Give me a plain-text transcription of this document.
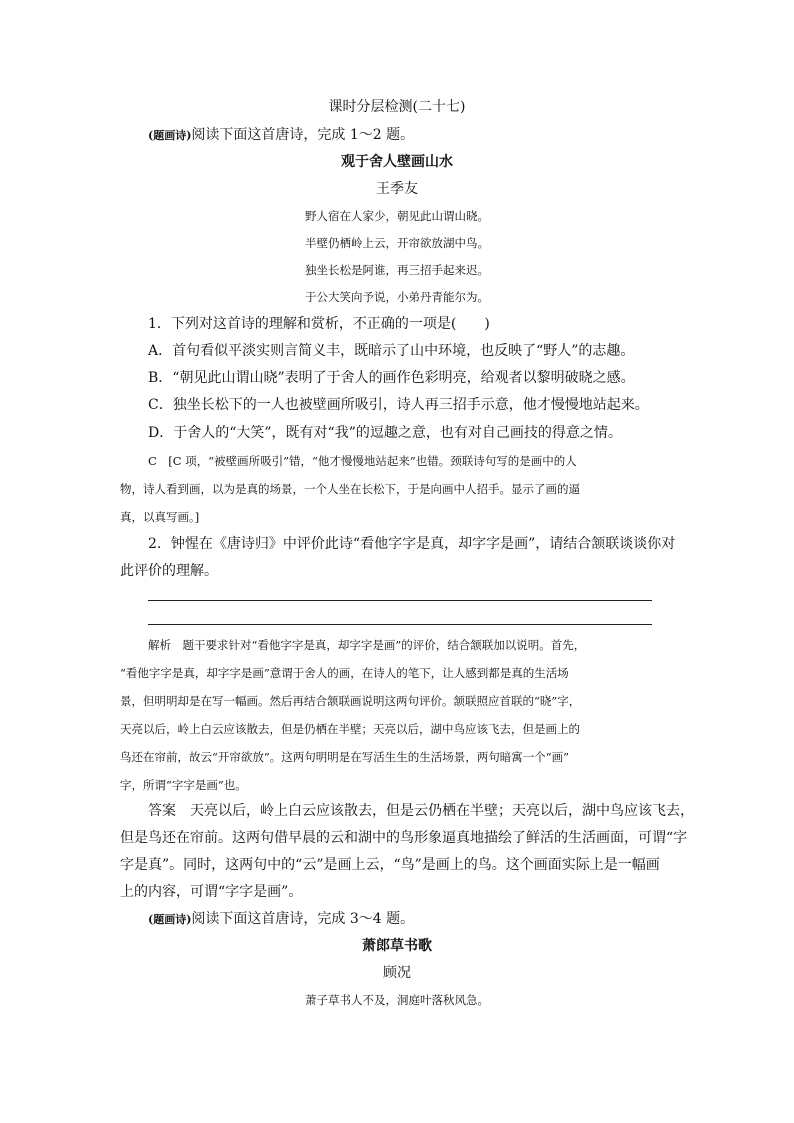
课时分层检测(二十七)
(题画诗)阅读下面这首唐诗，完成 1～2 题。
观于舍人壁画山水
王季友
野人宿在人家少，朝见此山谓山晓。
半壁仍栖岭上云，开帘欲放湖中鸟。
独坐长松是阿谁，再三招手起来迟。
于公大笑向予说，小弟丹青能尔为。
1．下列对这首诗的理解和赏析，不正确的一项是(　　)
A．首句看似平淡实则言简义丰，既暗示了山中环境，也反映了“野人”的志趣。
B．“朝见此山谓山晓”表明了于舍人的画作色彩明亮，给观者以黎明破晓之感。
C．独坐长松下的一人也被壁画所吸引，诗人再三招手示意，他才慢慢地站起来。
D．于舍人的“大笑”，既有对“我”的逗趣之意，也有对自己画技的得意之情。
C　[C 项，“被壁画所吸引”错，“他才慢慢地站起来”也错。颈联诗句写的是画中的人
物，诗人看到画，以为是真的场景，一个人坐在长松下，于是向画中人招手。显示了画的逼
真，以真写画。]
2．钟惺在《唐诗归》中评价此诗“看他字字是真，却字字是画”，请结合颔联谈谈你对
此评价的理解。
解析　题干要求针对“看他字字是真，却字字是画”的评价，结合颔联加以说明。首先，
“看他字字是真，却字字是画”意谓于舍人的画，在诗人的笔下，让人感到都是真的生活场
景，但明明却是在写一幅画。然后再结合颔联画说明这两句评价。颔联照应首联的“晓”字，
天亮以后，岭上白云应该散去，但是仍栖在半壁；天亮以后，湖中鸟应该飞去，但是画上的
鸟还在帘前，故云“开帘欲放”。这两句明明是在写活生生的生活场景，两句暗寓一个“画”
字，所谓“字字是画”也。
答案　天亮以后，岭上白云应该散去，但是云仍栖在半壁；天亮以后，湖中鸟应该飞去，
但是鸟还在帘前。这两句借早晨的云和湖中的鸟形象逼真地描绘了鲜活的生活画面，可谓“字
字是真”。同时，这两句中的“云”是画上云，“鸟”是画上的鸟。这个画面实际上是一幅画
上的内容，可谓“字字是画”。
(题画诗)阅读下面这首唐诗，完成 3～4 题。
萧郎草书歌
顾况
萧子草书人不及，洞庭叶落秋风急。
